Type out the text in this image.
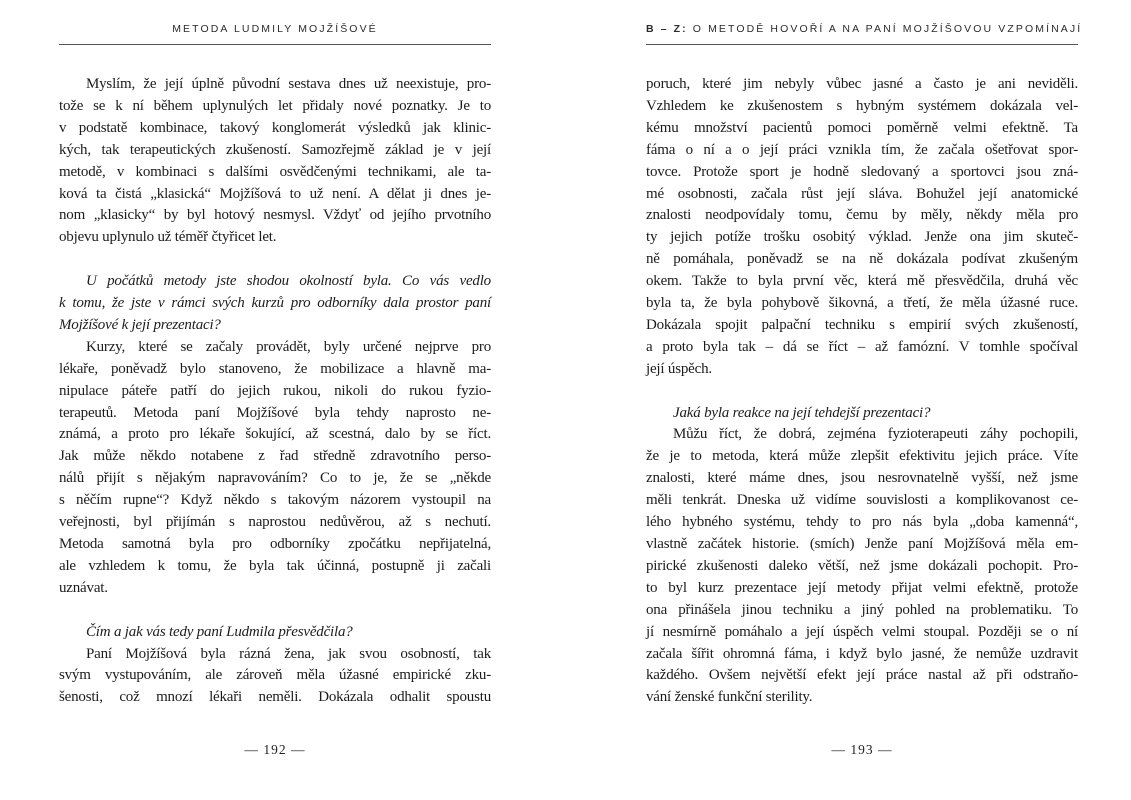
METODA LUDMILY MOJŽÍŠOVÉ
Myslím, že její úplně původní sestava dnes už neexistuje, pro-
tože se k ní během uplynulých let přidaly nové poznatky. Je to
v podstatě kombinace, takový konglomerát výsledků jak klinic-
kých, tak terapeutických zkušeností. Samozřejmě základ je v její
metodě, v kombinaci s dalšími osvědčenými technikami, ale ta-
ková ta čistá „klasická“ Mojžíšová to už není. A dělat ji dnes je-
nom „klasicky“ by byl hotový nesmysl. Vždyť od jejího prvotního
objevu uplynulo už téměř čtyřicet let.
U počátků metody jste shodou okolností byla. Co vás vedlo
k tomu, že jste v rámci svých kurzů pro odborníky dala prostor paní
Mojžíšové k její prezentaci?
Kurzy, které se začaly provádět, byly určené nejprve pro
lékaře, poněvadž bylo stanoveno, že mobilizace a hlavně ma-
nipulace páteře patří do jejich rukou, nikoli do rukou fyzio-
terapeutů. Metoda paní Mojžíšové byla tehdy naprosto ne-
známá, a proto pro lékaře šokující, až scestná, dalo by se říct.
Jak může někdo notabene z řad středně zdravotního perso-
nálů přijít s nějakým napravováním? Co to je, že se „někde
s něčím rupne“? Když někdo s takovým názorem vystoupil na
veřejnosti, byl přijímán s naprostou nedůvěrou, až s nechutí.
Metoda samotná byla pro odborníky zpočátku nepřijatelná,
ale vzhledem k tomu, že byla tak účinná, postupně ji začali
uznávat.
Čím a jak vás tedy paní Ludmila přesvědčila?
Paní Mojžíšová byla rázná žena, jak svou osobností, tak
svým vystupováním, ale zároveň měla úžasné empirické zku-
šenosti, což mnozí lékaři neměli. Dokázala odhalit spoustu
— 192 —
B – Z: O METODĚ HOVOŘÍ A NA PANÍ MOJŽÍŠOVOU VZPOMÍNAJÍ
poruch, které jim nebyly vůbec jasné a často je ani neviděli.
Vzhledem ke zkušenostem s hybným systémem dokázala vel-
kému množství pacientů pomoci poměrně velmi efektně. Ta
fáma o ní a o její práci vznikla tím, že začala ošetřovat spor-
tovce. Protože sport je hodně sledovaný a sportovci jsou zná-
mé osobnosti, začala růst její sláva. Bohužel její anatomické
znalosti neodpovídaly tomu, čemu by měly, někdy měla pro
ty jejich potíže trošku osobitý výklad. Jenže ona jim skuteč-
ně pomáhala, poněvadž se na ně dokázala podívat zkušeným
okem. Takže to byla první věc, která mě přesvědčila, druhá věc
byla ta, že byla pohybově šikovná, a třetí, že měla úžasné ruce.
Dokázala spojit palpační techniku s empirií svých zkušeností,
a proto byla tak – dá se říct – až famózní. V tomhle spočíval
její úspěch.
Jaká byla reakce na její tehdejší prezentaci?
Můžu říct, že dobrá, zejména fyzioterapeuti záhy pochopili,
že je to metoda, která může zlepšit efektivitu jejich práce. Víte
znalosti, které máme dnes, jsou nesrovnatelně vyšší, než jsme
měli tenkrát. Dneska už vidíme souvislosti a komplikovanost ce-
lého hybného systému, tehdy to pro nás byla „doba kamenná“,
vlastně začátek historie. (smích) Jenže paní Mojžíšová měla em-
pirické zkušenosti daleko větší, než jsme dokázali pochopit. Pro-
to byl kurz prezentace její metody přijat velmi efektně, protože
ona přinášela jinou techniku a jiný pohled na problematiku. To
jí nesmírně pomáhalo a její úspěch velmi stoupal. Později se o ní
začala šířit ohromná fáma, i když bylo jasné, že nemůže uzdravit
každého. Ovšem největší efekt její práce nastal až při odstraňo-
vání ženské funkční sterility.
— 193 —
